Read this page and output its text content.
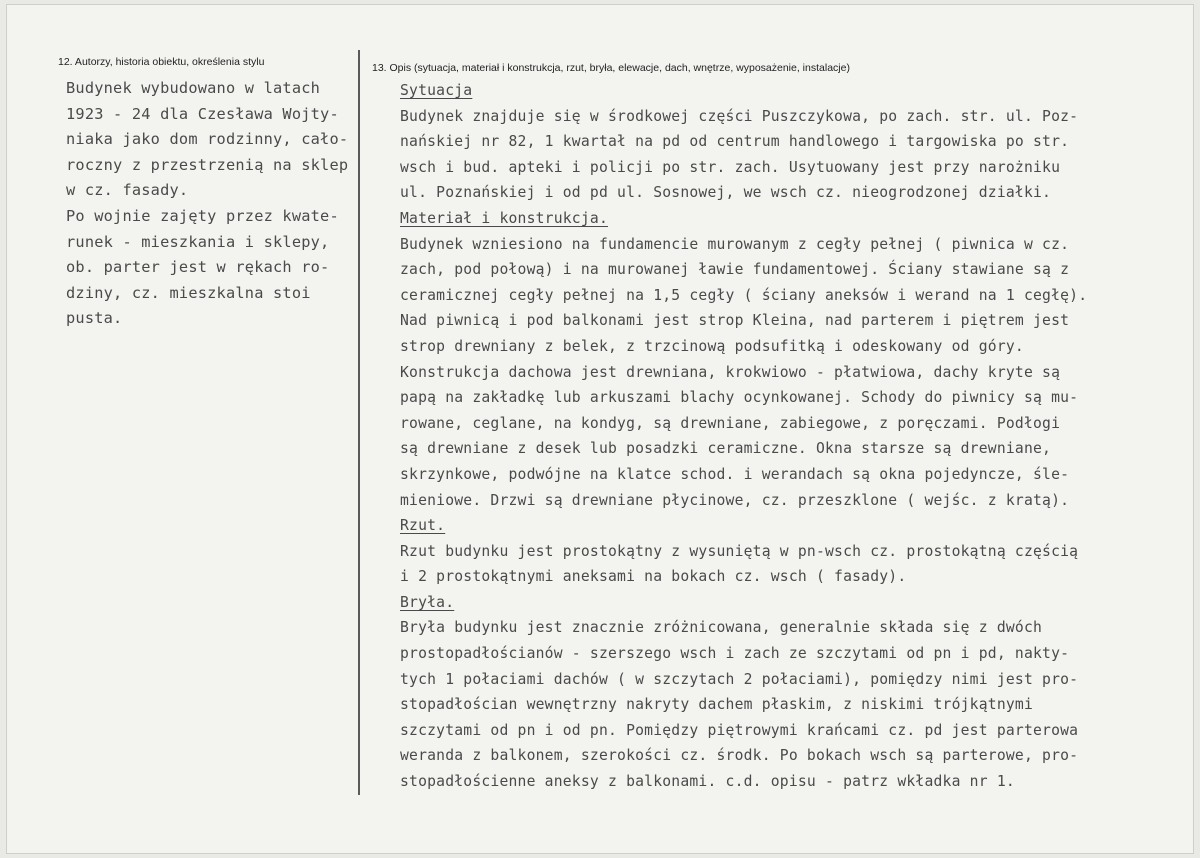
12. Autorzy, historia obiektu, określenia stylu	13. Opis (sytuacja, materiał i konstrukcja, rzut, bryła, elewacje, dach, wnętrze, wyposażenie, instalacje)
Budynek wybudowano w latach
1923 - 24 dla Czesława Wojty-
niaka jako dom rodzinny, cało-
roczny z przestrzenią na sklep
w cz. fasady.
Po wojnie zajęty przez kwate-
runek - mieszkania i sklepy,
ob. parter jest w rękach ro-
dziny, cz. mieszkalna stoi
pusta.
Sytuacja
Budynek znajduje się w środkowej części Puszczykowa, po zach. str. ul. Poz-
nańskiej nr 82, 1 kwartał na pd od centrum handlowego i targowiska po str.
wsch i bud. apteki i policji po str. zach. Usytuowany jest przy narożniku
ul. Poznańskiej i od pd ul. Sosnowej, we wsch cz. nieogrodzonej działki.
Materiał i konstrukcja.
Budynek wzniesiono na fundamencie murowanym z cegły pełnej ( piwnica w cz.
zach, pod połową) i na murowanej ławie fundamentowej. Ściany stawiane są z
ceramicznej cegły pełnej na 1,5 cegły ( ściany aneksów i werand na 1 cegłę).
Nad piwnicą i pod balkonami jest strop Kleina, nad parterem i piętrem jest
strop drewniany z belek, z trzcinową podsufitką i odeskowany od góry.
Konstrukcja dachowa jest drewniana, krokwiowo - płatwiowa, dachy kryte są
papą na zakładkę lub arkuszami blachy ocynkowanej. Schody do piwnicy są mu-
rowane, ceglane, na kondyg, są drewniane, zabiegowe, z poręczami. Podłogi
są drewniane z desek lub posadzki ceramiczne. Okna starsze są drewniane,
skrzynkowe, podwójne na klatce schod. i werandach są okna pojedyncze, śle-
mieniowe. Drzwi są drewniane płycinowe, cz. przeszklone ( wejśc. z kratą).
Rzut.
Rzut budynku jest prostokątny z wysuniętą w pn-wsch cz. prostokątną częścią
i 2 prostokątnymi aneksami na bokach cz. wsch ( fasady).
Bryła.
Bryła budynku jest znacznie zróżnicowana, generalnie składa się z dwóch
prostopadłościanów - szerszego wsch i zach ze szczytami od pn i pd, nakty-
tych 1 połaciami dachów ( w szczytach 2 połaciami), pomiędzy nimi jest pro-
stopadłościan wewnętrzny nakryty dachem płaskim, z niskimi trójkątnymi
szczytami od pn i od pn. Pomiędzy piętrowymi krańcami cz. pd jest parterowa
weranda z balkonem, szerokości cz. środk. Po bokach wsch są parterowe, pro-
stopadłościenne aneksy z balkonami. c.d. opisu - patrz wkładka nr 1.
